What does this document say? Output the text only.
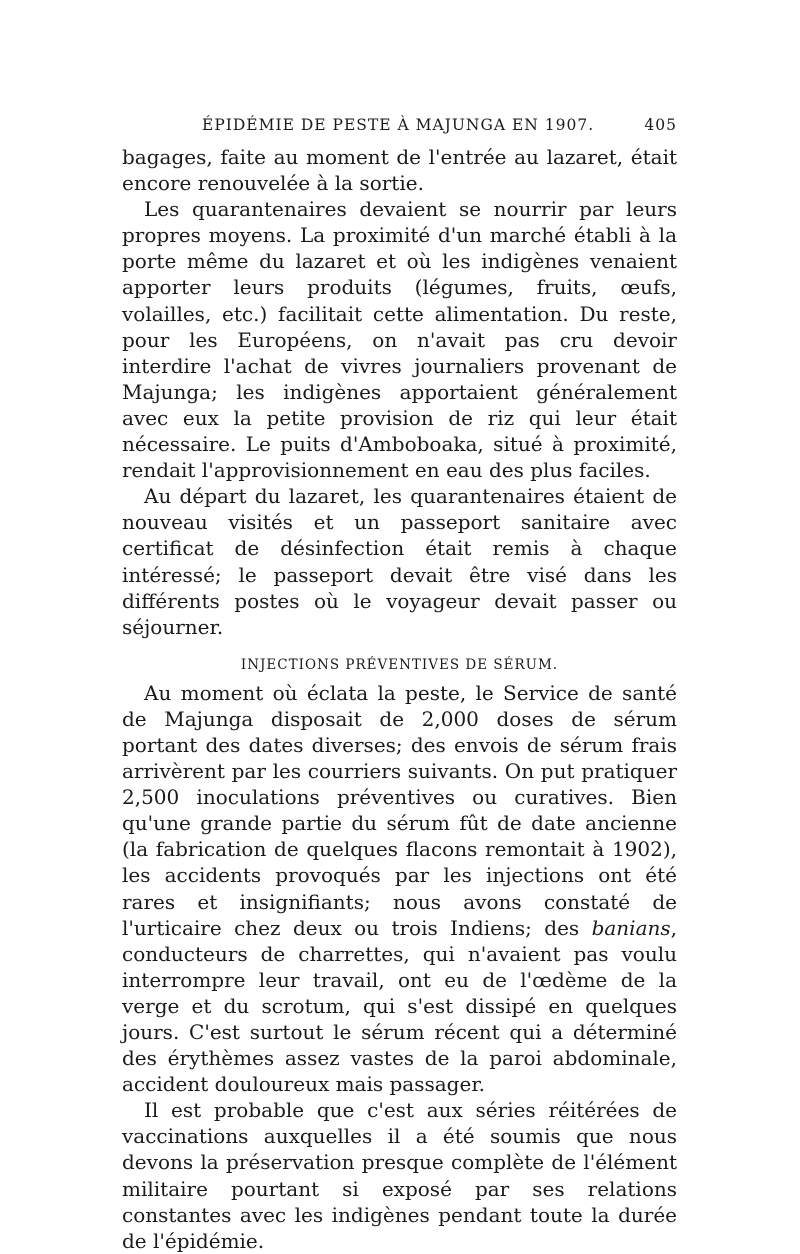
ÉPIDÉMIE DE PESTE À MAJUNGA EN 1907.	405

bagages, faite au moment de l'entrée au lazaret, était encore renouvelée à la sortie.

Les quarantenaires devaient se nourrir par leurs propres moyens. La proximité d'un marché établi à la porte même du lazaret et où les indigènes venaient apporter leurs produits (légumes, fruits, œufs, volailles, etc.) facilitait cette alimentation. Du reste, pour les Européens, on n'avait pas cru devoir interdire l'achat de vivres journaliers provenant de Majunga; les indigènes apportaient généralement avec eux la petite provision de riz qui leur était nécessaire. Le puits d'Amboboaka, situé à proximité, rendait l'approvisionnement en eau des plus faciles.

Au départ du lazaret, les quarantenaires étaient de nouveau visités et un passeport sanitaire avec certificat de désinfection était remis à chaque intéressé; le passeport devait être visé dans les différents postes où le voyageur devait passer ou séjourner.

INJECTIONS PRÉVENTIVES DE SÉRUM.

Au moment où éclata la peste, le Service de santé de Majunga disposait de 2,000 doses de sérum portant des dates diverses; des envois de sérum frais arrivèrent par les courriers suivants. On put pratiquer 2,500 inoculations préventives ou curatives. Bien qu'une grande partie du sérum fût de date ancienne (la fabrication de quelques flacons remontait à 1902), les accidents provoqués par les injections ont été rares et insignifiants; nous avons constaté de l'urticaire chez deux ou trois Indiens; des banians, conducteurs de charrettes, qui n'avaient pas voulu interrompre leur travail, ont eu de l'œdème de la verge et du scrotum, qui s'est dissipé en quelques jours. C'est surtout le sérum récent qui a déterminé des érythèmes assez vastes de la paroi abdominale, accident douloureux mais passager.

Il est probable que c'est aux séries réitérées de vaccinations auxquelles il a été soumis que nous devons la préservation presque complète de l'élément militaire pourtant si exposé par ses relations constantes avec les indigènes pendant toute la durée de l'épidémie.
